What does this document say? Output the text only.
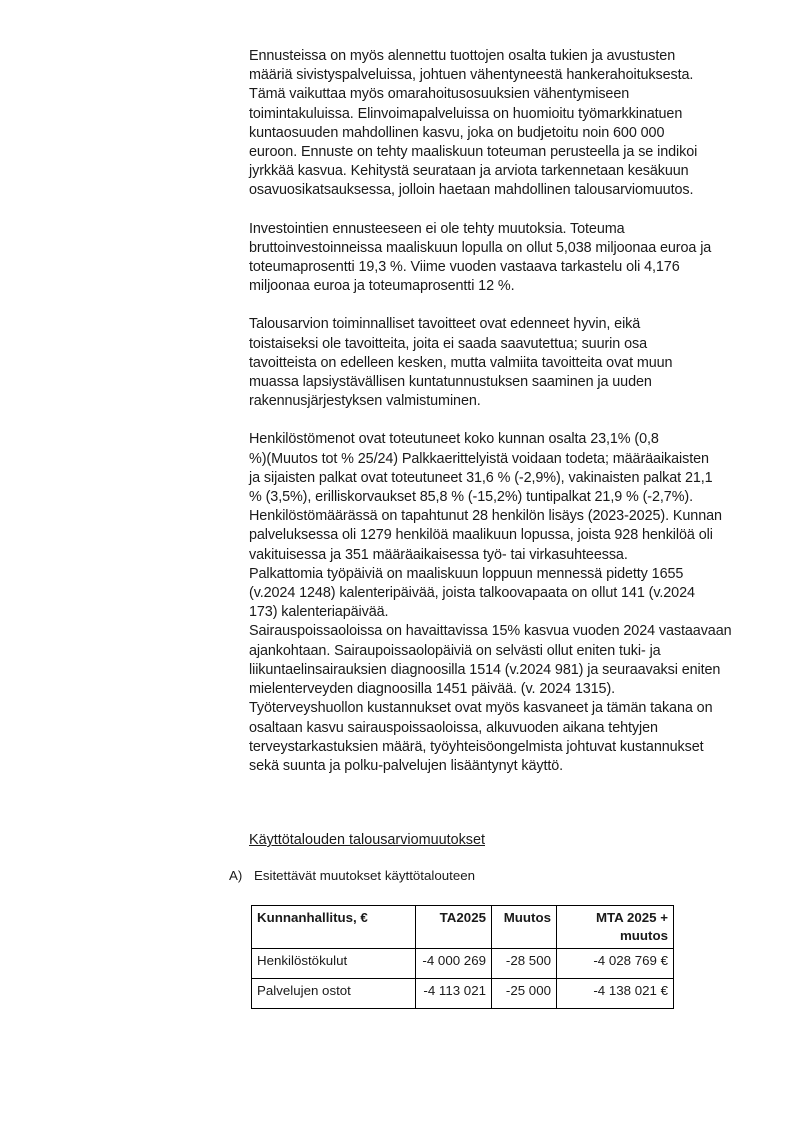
Ennusteissa on myös alennettu tuottojen osalta tukien ja avustusten
määriä sivistyspalveluissa, johtuen vähentyneestä hankerahoituksesta.
Tämä vaikuttaa myös omarahoitusosuuksien vähentymiseen
toimintakuluissa. Elinvoimapalveluissa on huomioitu työmarkkinatuen
kuntaosuuden mahdollinen kasvu, joka on budjetoitu noin 600 000
euroon. Ennuste on tehty maaliskuun toteuman perusteella ja se indikoi
jyrkkää kasvua. Kehitystä seurataan ja arviota tarkennetaan kesäkuun
osavuosikatsauksessa, jolloin haetaan mahdollinen talousarviomuutos.

Investointien ennusteeseen ei ole tehty muutoksia. Toteuma
bruttoinvestoinneissa maaliskuun lopulla on ollut 5,038 miljoonaa euroa ja
toteumaprosentti 19,3 %. Viime vuoden vastaava tarkastelu oli 4,176
miljoonaa euroa ja toteumaprosentti 12 %.

Talousarvion toiminnalliset tavoitteet ovat edenneet hyvin, eikä
toistaiseksi ole tavoitteita, joita ei saada saavutettua; suurin osa
tavoitteista on edelleen kesken, mutta valmiita tavoitteita ovat muun
muassa lapsiystävällisen kuntatunnustuksen saaminen ja uuden
rakennusjärjestyksen valmistuminen.

Henkilöstömenot ovat toteutuneet koko kunnan osalta 23,1% (0,8
%)(Muutos tot % 25/24) Palkkaerittelyistä voidaan todeta; määräaikaisten
ja sijaisten palkat ovat toteutuneet 31,6 % (-2,9%), vakinaisten palkat 21,1
% (3,5%), erilliskorvaukset 85,8 % (-15,2%) tuntipalkat 21,9 % (-2,7%).
Henkilöstömäärässä on tapahtunut 28 henkilön lisäys (2023-2025). Kunnan
palveluksessa oli 1279 henkilöä maalikuun lopussa, joista 928 henkilöä oli
vakituisessa ja 351 määräaikaisessa työ- tai virkasuhteessa.
Palkattomia työpäiviä on maaliskuun loppuun mennessä pidetty 1655
(v.2024 1248) kalenteripäivää, joista talkoovapaata on ollut 141 (v.2024
173) kalenteriapäivää.
Sairauspoissaoloissa on havaittavissa 15% kasvua vuoden 2024 vastaavaan
ajankohtaan. Sairaupoissaolopäiviä on selvästi ollut eniten tuki- ja
liikuntaelinsairauksien diagnoosilla 1514 (v.2024 981) ja seuraavaksi eniten
mielenterveyden diagnoosilla 1451 päivää. (v. 2024 1315).
Työterveyshuollon kustannukset ovat myös kasvaneet ja tämän takana on
osaltaan kasvu sairauspoissaoloissa, alkuvuoden aikana tehtyjen
terveystarkastuksien määrä, työyhteisöongelmista johtuvat kustannukset
sekä suunta ja polku-palvelujen lisääntynyt käyttö.

Käyttötalouden talousarviomuutokset
A) Esitettävät muutokset käyttötalouteen
Kunnanhallitus, €	TA2025	Muutos	MTA 2025 + muutos
Henkilöstökulut	-4 000 269	-28 500	-4 028 769 €
Palvelujen ostot	-4 113 021	-25 000	-4 138 021 €
